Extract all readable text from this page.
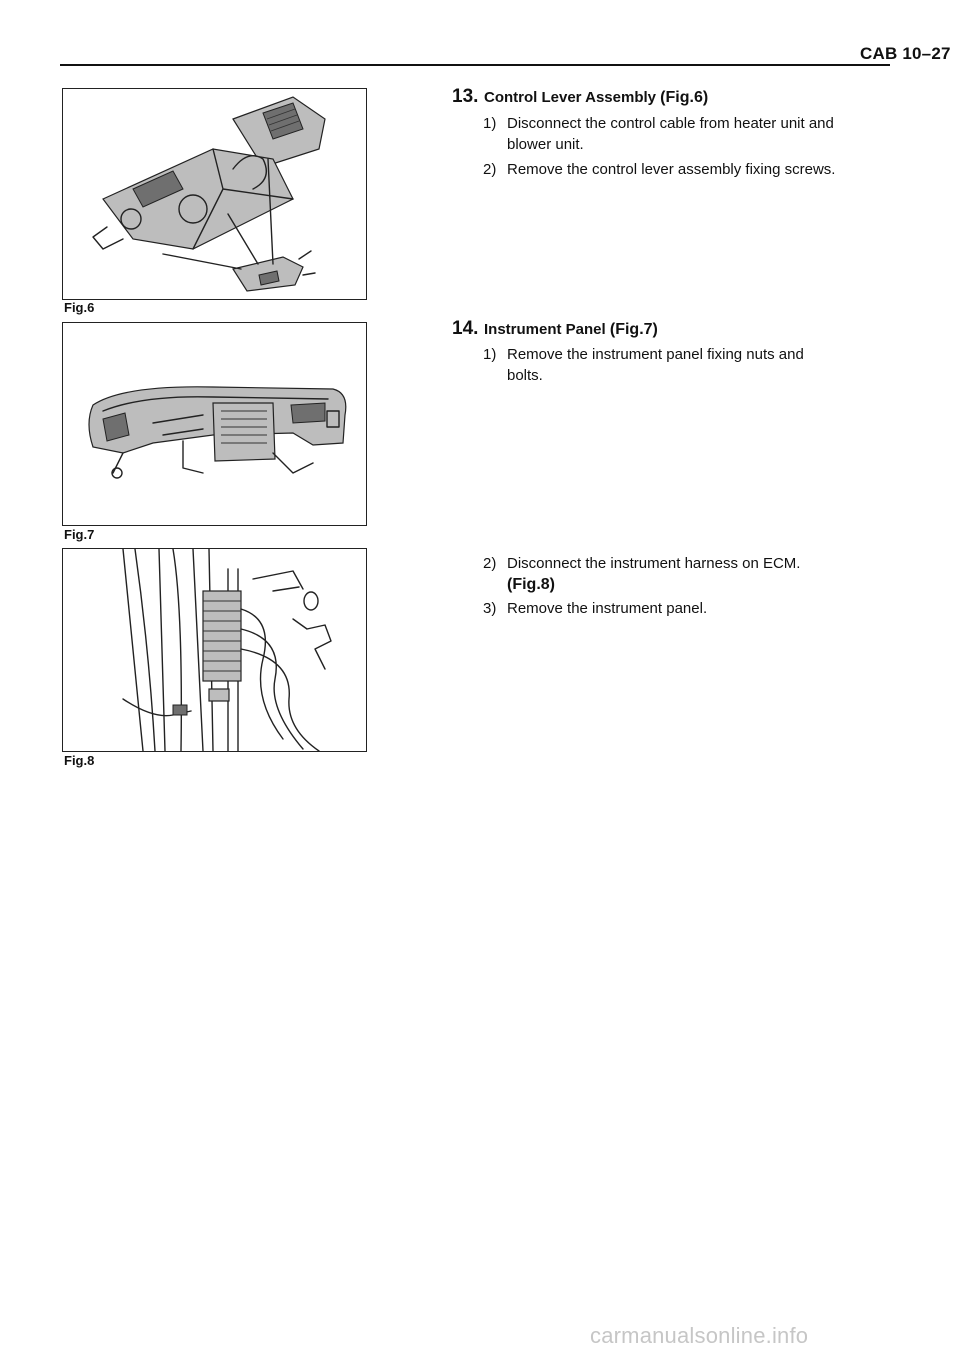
CAB 10–27
Fig.6
Fig.7
Fig.8
13. Control Lever Assembly (Fig.6)
1) Disconnect the control cable from heater unit and
blower unit.
2) Remove the control lever assembly fixing screws.
14. Instrument Panel (Fig.7)
1) Remove the instrument panel fixing nuts and
bolts.
2) Disconnect the instrument harness on ECM.
(Fig.8)
3) Remove the instrument panel.
carmanualsonline.info
